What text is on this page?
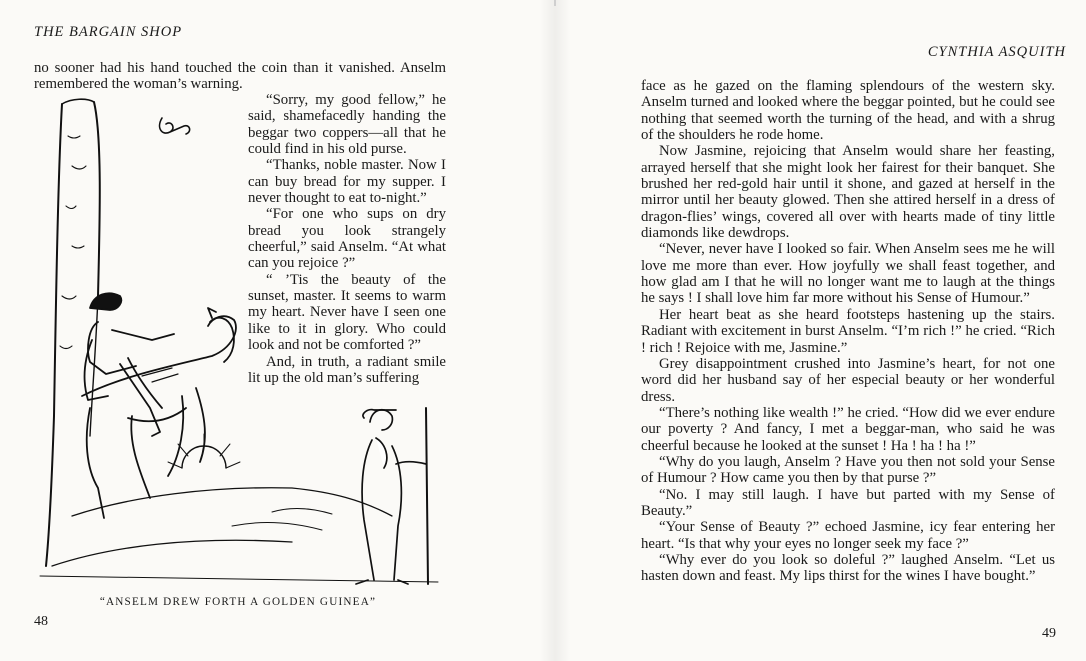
THE BARGAIN SHOP

no sooner had his hand touched the coin than it vanished. Anselm remembered the woman’s warning.

“Sorry, my good fellow,” he said, shamefacedly handing the beggar two coppers—all that he could find in his old purse.

“Thanks, noble master. Now I can buy bread for my supper. I never thought to eat to-night.”

“For one who sups on dry bread you look strangely cheerful,” said Anselm. “At what can you rejoice ?”

“ ’Tis the beauty of the sunset, master. It seems to warm my heart. Never have I seen one like to it in glory. Who could look and not be comforted ?”

And, in truth, a radiant smile lit up the old man’s suffering

“ANSELM DREW FORTH A GOLDEN GUINEA”
48
CYNTHIA ASQUITH
49

face as he gazed on the flaming splendours of the western sky. Anselm turned and looked where the beggar pointed, but he could see nothing that seemed worth the turning of the head, and with a shrug of the shoulders he rode home.

Now Jasmine, rejoicing that Anselm would share her feasting, arrayed herself that she might look her fairest for their banquet. She brushed her red-gold hair until it shone, and gazed at herself in the mirror until her beauty glowed. Then she attired herself in a dress of dragon-flies’ wings, covered all over with hearts made of tiny little diamonds like dewdrops.

“Never, never have I looked so fair. When Anselm sees me he will love me more than ever. How joyfully we shall feast together, and how glad am I that he will no longer want me to laugh at the things he says ! I shall love him far more without his Sense of Humour.”

Her heart beat as she heard footsteps hastening up the stairs. Radiant with excitement in burst Anselm. “I’m rich !” he cried. “Rich ! rich ! Rejoice with me, Jasmine.”

Grey disappointment crushed into Jasmine’s heart, for not one word did her husband say of her especial beauty or her wonderful dress.

“There’s nothing like wealth !” he cried. “How did we ever endure our poverty ? And fancy, I met a beggar-man, who said he was cheerful because he looked at the sunset ! Ha ! ha ! ha !”

“Why do you laugh, Anselm ? Have you then not sold your Sense of Humour ? How came you then by that purse ?”

“No. I may still laugh. I have but parted with my Sense of Beauty.”

“Your Sense of Beauty ?” echoed Jasmine, icy fear entering her heart. “Is that why your eyes no longer seek my face ?”

“Why ever do you look so doleful ?” laughed Anselm. “Let us hasten down and feast. My lips thirst for the wines I have bought.”
